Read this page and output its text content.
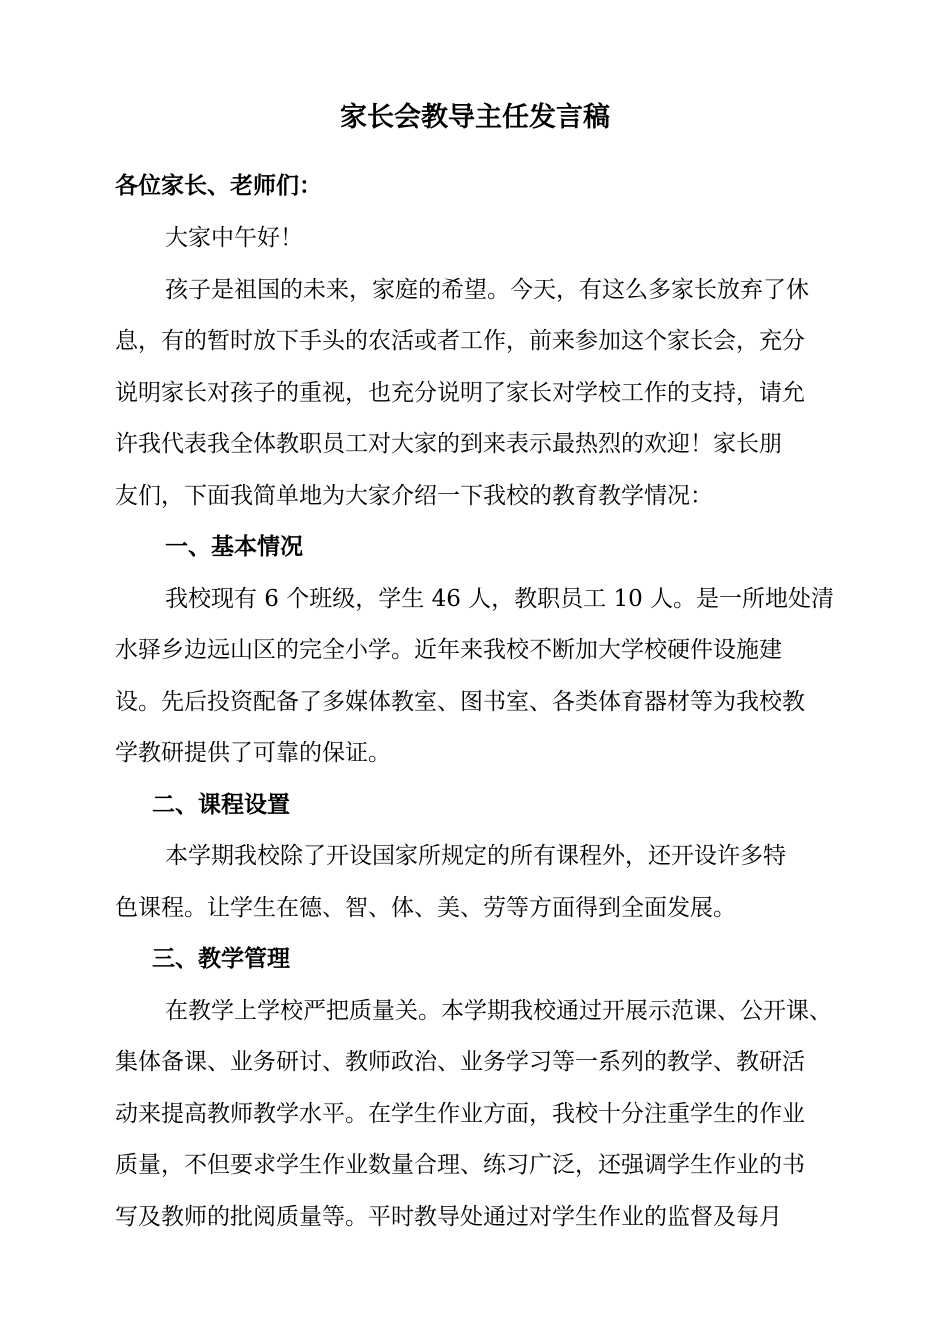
家长会教导主任发言稿

各位家长、老师们：

大家中午好！

孩子是祖国的未来，家庭的希望。今天，有这么多家长放弃了休

息，有的暂时放下手头的农活或者工作，前来参加这个家长会，充分

说明家长对孩子的重视，也充分说明了家长对学校工作的支持，请允

许我代表我全体教职员工对大家的到来表示最热烈的欢迎！家长朋

友们，下面我简单地为大家介绍一下我校的教育教学情况：

一、基本情况

我校现有 6 个班级，学生 46 人，教职员工 10 人。是一所地处清

水驿乡边远山区的完全小学。近年来我校不断加大学校硬件设施建

设。先后投资配备了多媒体教室、图书室、各类体育器材等为我校教

学教研提供了可靠的保证。

二、课程设置

本学期我校除了开设国家所规定的所有课程外，还开设许多特

色课程。让学生在德、智、体、美、劳等方面得到全面发展。

三、教学管理

在教学上学校严把质量关。本学期我校通过开展示范课、公开课、

集体备课、业务研讨、教师政治、业务学习等一系列的教学、教研活

动来提高教师教学水平。在学生作业方面，我校十分注重学生的作业

质量，不但要求学生作业数量合理、练习广泛，还强调学生作业的书

写及教师的批阅质量等。平时教导处通过对学生作业的监督及每月
